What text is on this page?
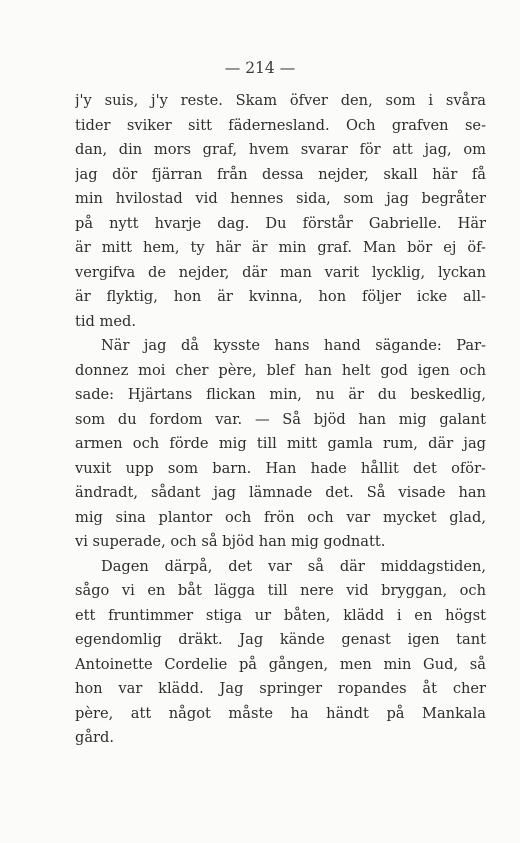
— 214 —
j'y suis, j'y reste. Skam öfver den, som i svåra
tider sviker sitt fäderneslаnd. Och grafven se-
dan, din mors graf, hvem svarar för att jag, om
jag dör fjärran från dessa nejder, skall här få
min hvilostad vid hennes sida, som jag begråter
på nytt hvarje dag. Du förstår Gabrielle. Här
är mitt hem, ty här är min graf. Man bör ej öf-
vergifva de nejder, där man varit lycklig, lyckan
är flyktig, hon är kvinna, hon följer icke all-
tid med.
När jag då kysste hans hand sägande: Par-
donnez moi cher père, blef han helt god igen och
sade: Hjärtans flickan min, nu är du beskedlig,
som du fordom var. — Så bjöd han mig galant
armen och förde mig till mitt gamla rum, där jag
vuxit upp som barn. Han hade hållit det oför-
ändradt, sådant jag lämnade det. Så visade han
mig sina plantor och frön och var mycket glad,
vi superade, och så bjöd han mig godnatt.
Dagen därpå, det var så där middagstiden,
sågo vi en båt lägga till nere vid bryggan, och
ett fruntimmer stiga ur båten, klädd i en högst
egendomlig dräkt. Jag kände genast igen tant
Antoinette Cordelie på gången, men min Gud, så
hon var klädd. Jag springer ropandes åt cher
père, att något måste ha händt på Mankala
gård.
